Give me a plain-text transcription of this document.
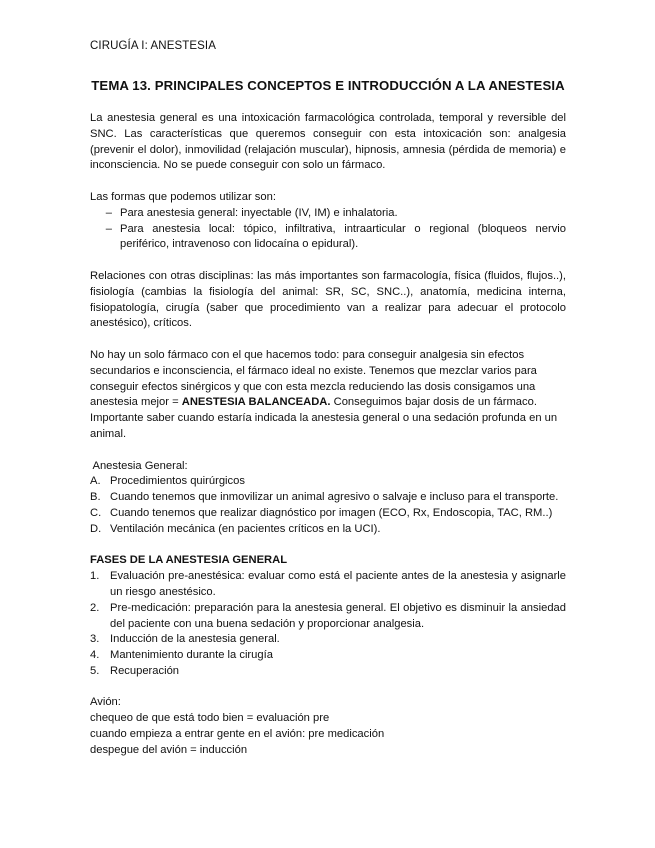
CIRUGÍA I: ANESTESIA
TEMA 13. PRINCIPALES CONCEPTOS E INTRODUCCIÓN A LA ANESTESIA

La anestesia general es una intoxicación farmacológica controlada, temporal y reversible del SNC. Las características que queremos conseguir con esta intoxicación son: analgesia (prevenir el dolor), inmovilidad (relajación muscular), hipnosis, amnesia (pérdida de memoria) e inconsciencia. No se puede conseguir con solo un fármaco.

Las formas que podemos utilizar son:

– Para anestesia general: inyectable (IV, IM) e inhalatoria.
– Para anestesia local: tópico, infiltrativa, intraarticular o regional (bloqueos nervio periférico, intravenoso con lidocaína o epidural).

Relaciones con otras disciplinas: las más importantes son farmacología, física (fluidos, flujos..), fisiología (cambias la fisiología del animal: SR, SC, SNC..), anatomía, medicina interna, fisiopatología, cirugía (saber que procedimiento van a realizar para adecuar el protocolo anestésico), críticos.

No hay un solo fármaco con el que hacemos todo: para conseguir analgesia sin efectos secundarios e inconsciencia, el fármaco ideal no existe. Tenemos que mezclar varios para conseguir efectos sinérgicos y que con esta mezcla reduciendo las dosis consigamos una anestesia mejor = ANESTESIA BALANCEADA. Conseguimos bajar dosis de un fármaco.

Importante saber cuando estaría indicada la anestesia general o una sedación profunda en un animal.

Anestesia General:

A. Procedimientos quirúrgicos
B. Cuando tenemos que inmovilizar un animal agresivo o salvaje e incluso para el transporte.
C. Cuando tenemos que realizar diagnóstico por imagen (ECO, Rx, Endoscopia, TAC, RM..)
D. Ventilación mecánica (en pacientes críticos en la UCI).

FASES DE LA ANESTESIA GENERAL

1. Evaluación pre-anestésica: evaluar como está el paciente antes de la anestesia y asignarle un riesgo anestésico.
2. Pre-medicación: preparación para la anestesia general. El objetivo es disminuir la ansiedad del paciente con una buena sedación y proporcionar analgesia.
3. Inducción de la anestesia general.
4. Mantenimiento durante la cirugía
5. Recuperación

Avión:

chequeo de que está todo bien = evaluación pre

cuando empieza a entrar gente en el avión: pre medicación

despegue del avión = inducción
